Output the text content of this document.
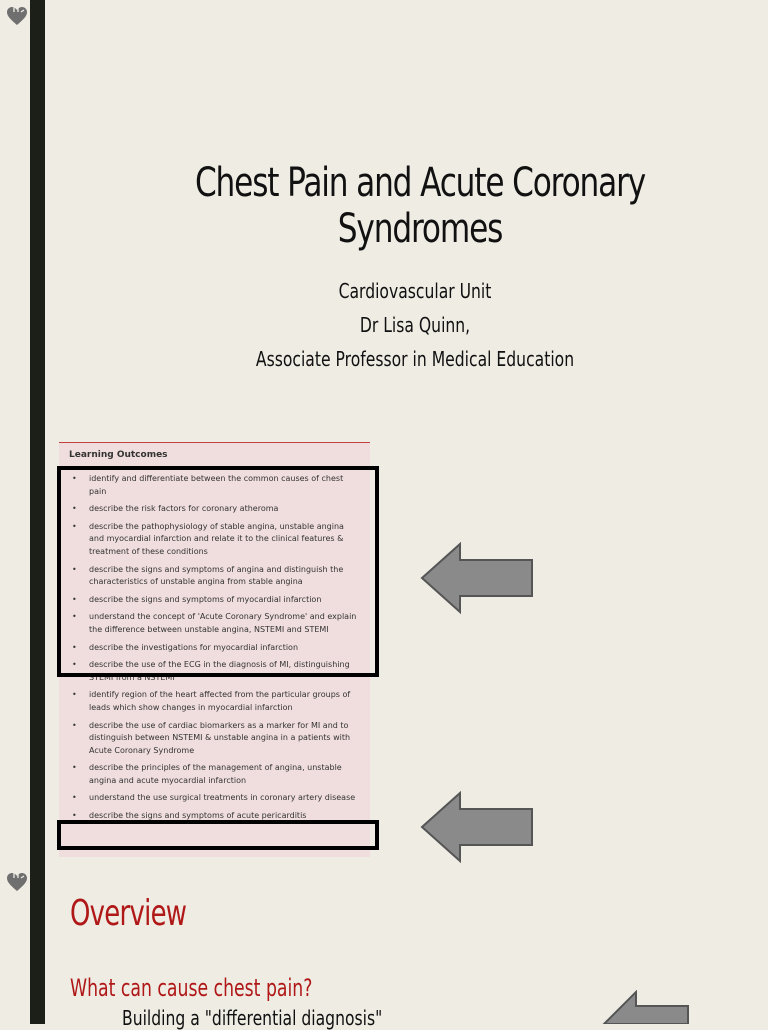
Chest Pain and Acute Coronary Syndromes
Cardiovascular Unit
Dr Lisa Quinn,
Associate Professor in Medical Education
Learning Outcomes
• identify and differentiate between the common causes of chest pain
• describe the risk factors for coronary atheroma
• describe the pathophysiology of stable angina, unstable angina and myocardial infarction and relate it to the clinical features & treatment of these conditions
• describe the signs and symptoms of angina and distinguish the characteristics of unstable angina from stable angina
• describe the signs and symptoms of myocardial infarction
• understand the concept of 'Acute Coronary Syndrome' and explain the difference between unstable angina, NSTEMI and STEMI
• describe the investigations for myocardial infarction
• describe the use of the ECG in the diagnosis of MI, distinguishing STEMI from a NSTEMI
• identify region of the heart affected from the particular groups of leads which show changes in myocardial infarction
• describe the use of cardiac biomarkers as a marker for MI and to distinguish between NSTEMI & unstable angina in a patients with Acute Coronary Syndrome
• describe the principles of the management of angina, unstable angina and acute myocardial infarction
• understand the use surgical treatments in coronary artery disease
• describe the signs and symptoms of acute pericarditis
Overview
What can cause chest pain?
Building a "differential diagnosis"
